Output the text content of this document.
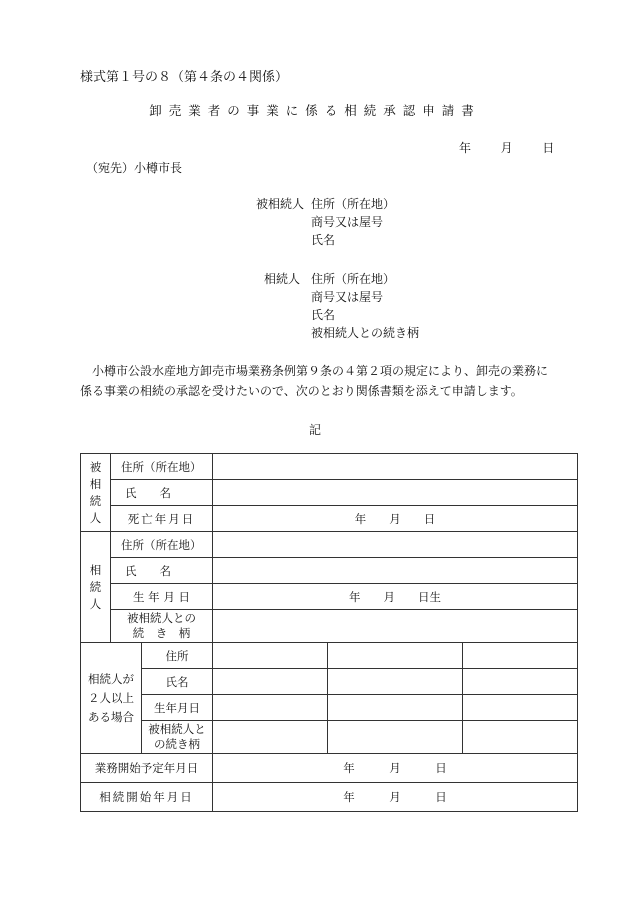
様式第１号の８（第４条の４関係）
卸売業者の事業に係る相続承認申請書
年 月 日
（宛先）小樽市長
被相続人 住所（所在地）
商号又は屋号
氏名
相続人 住所（所在地）
商号又は屋号
氏名
被相続人との続き柄
小樽市公設水産地方卸売市場業務条例第９条の４第２項の規定により、卸売の業務に係る事業の相続の承認を受けたいので、次のとおり関係書類を添えて申請します。
記
被
相
続
人	住所（所在地）				
	氏　　名				
	死亡年月日		年　　月　　日		
相
続
人	住所（所在地）				
	氏　　名				
	生 年 月 日		年　　月　　日生		
	被相続人との
続　き　柄				
相続人が
２人以上
ある場合		住所			
		氏名			
		生年月日			
		被相続人と
の続き柄			
業務開始予定年月日			年　　　月　　　日		
相続開始年月日			年　　　月　　　日		
